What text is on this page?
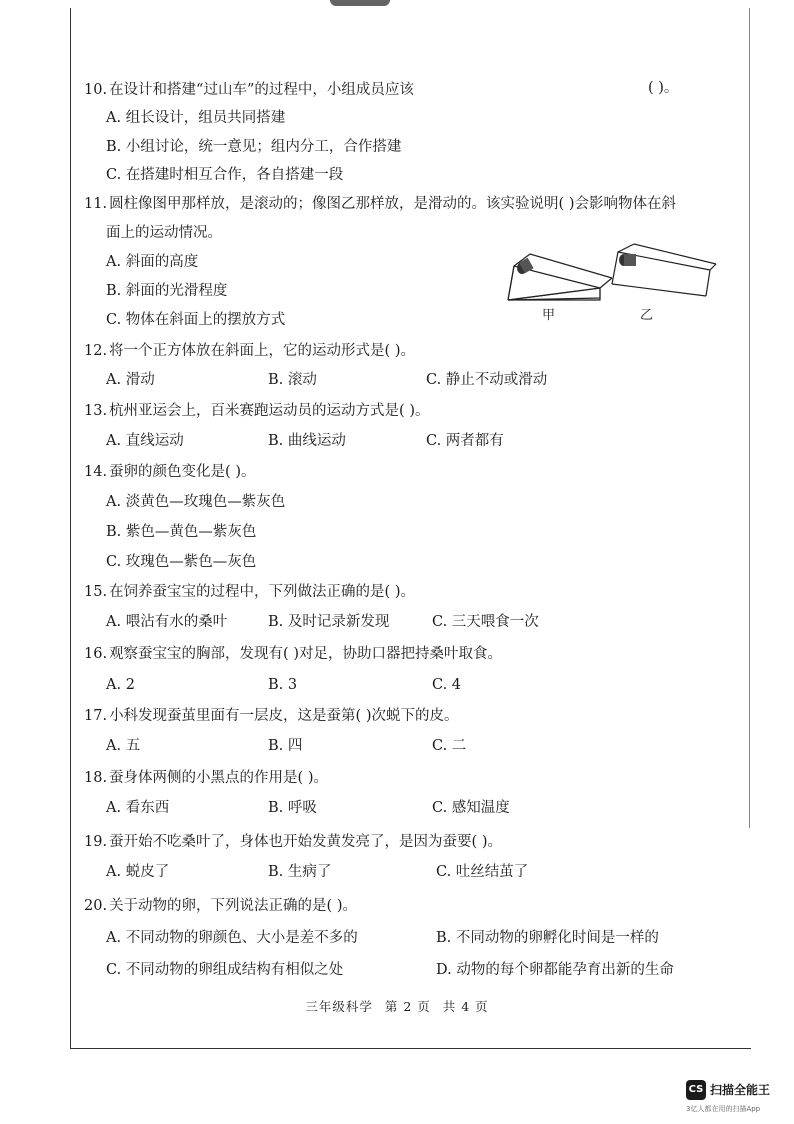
10. 在设计和搭建“过山车”的过程中，小组成员应该	( )。
A. 组长设计，组员共同搭建
B. 小组讨论，统一意见；组内分工，合作搭建
C. 在搭建时相互合作，各自搭建一段
11. 圆柱像图甲那样放，是滚动的；像图乙那样放，是滑动的。该实验说明( )会影响物体在斜
面上的运动情况。
A. 斜面的高度
B. 斜面的光滑程度
C. 物体在斜面上的摆放方式	甲	乙
12. 将一个正方体放在斜面上，它的运动形式是( )。
A. 滑动	B. 滚动	C. 静止不动或滑动
13. 杭州亚运会上，百米赛跑运动员的运动方式是( )。
A. 直线运动	B. 曲线运动	C. 两者都有
14. 蚕卵的颜色变化是( )。
A. 淡黄色—玫瑰色—紫灰色
B. 紫色—黄色—紫灰色
C. 玫瑰色—紫色—灰色
15. 在饲养蚕宝宝的过程中，下列做法正确的是( )。
A. 喂沾有水的桑叶	B. 及时记录新发现	C. 三天喂食一次
16. 观察蚕宝宝的胸部，发现有( )对足，协助口器把持桑叶取食。
A. 2	B. 3	C. 4
17. 小科发现蚕茧里面有一层皮，这是蚕第( )次蜕下的皮。
A. 五	B. 四	C. 二
18. 蚕身体两侧的小黑点的作用是( )。
A. 看东西	B. 呼吸	C. 感知温度
19. 蚕开始不吃桑叶了，身体也开始发黄发亮了，是因为蚕要( )。
A. 蜕皮了	B. 生病了	C. 吐丝结茧了
20. 关于动物的卵，下列说法正确的是( )。
A. 不同动物的卵颜色、大小是差不多的	B. 不同动物的卵孵化时间是一样的
C. 不同动物的卵组成结构有相似之处	D. 动物的每个卵都能孕育出新的生命
三年级科学 第 2 页 共 4 页
CS 扫描全能王
3亿人都在用的扫描App
